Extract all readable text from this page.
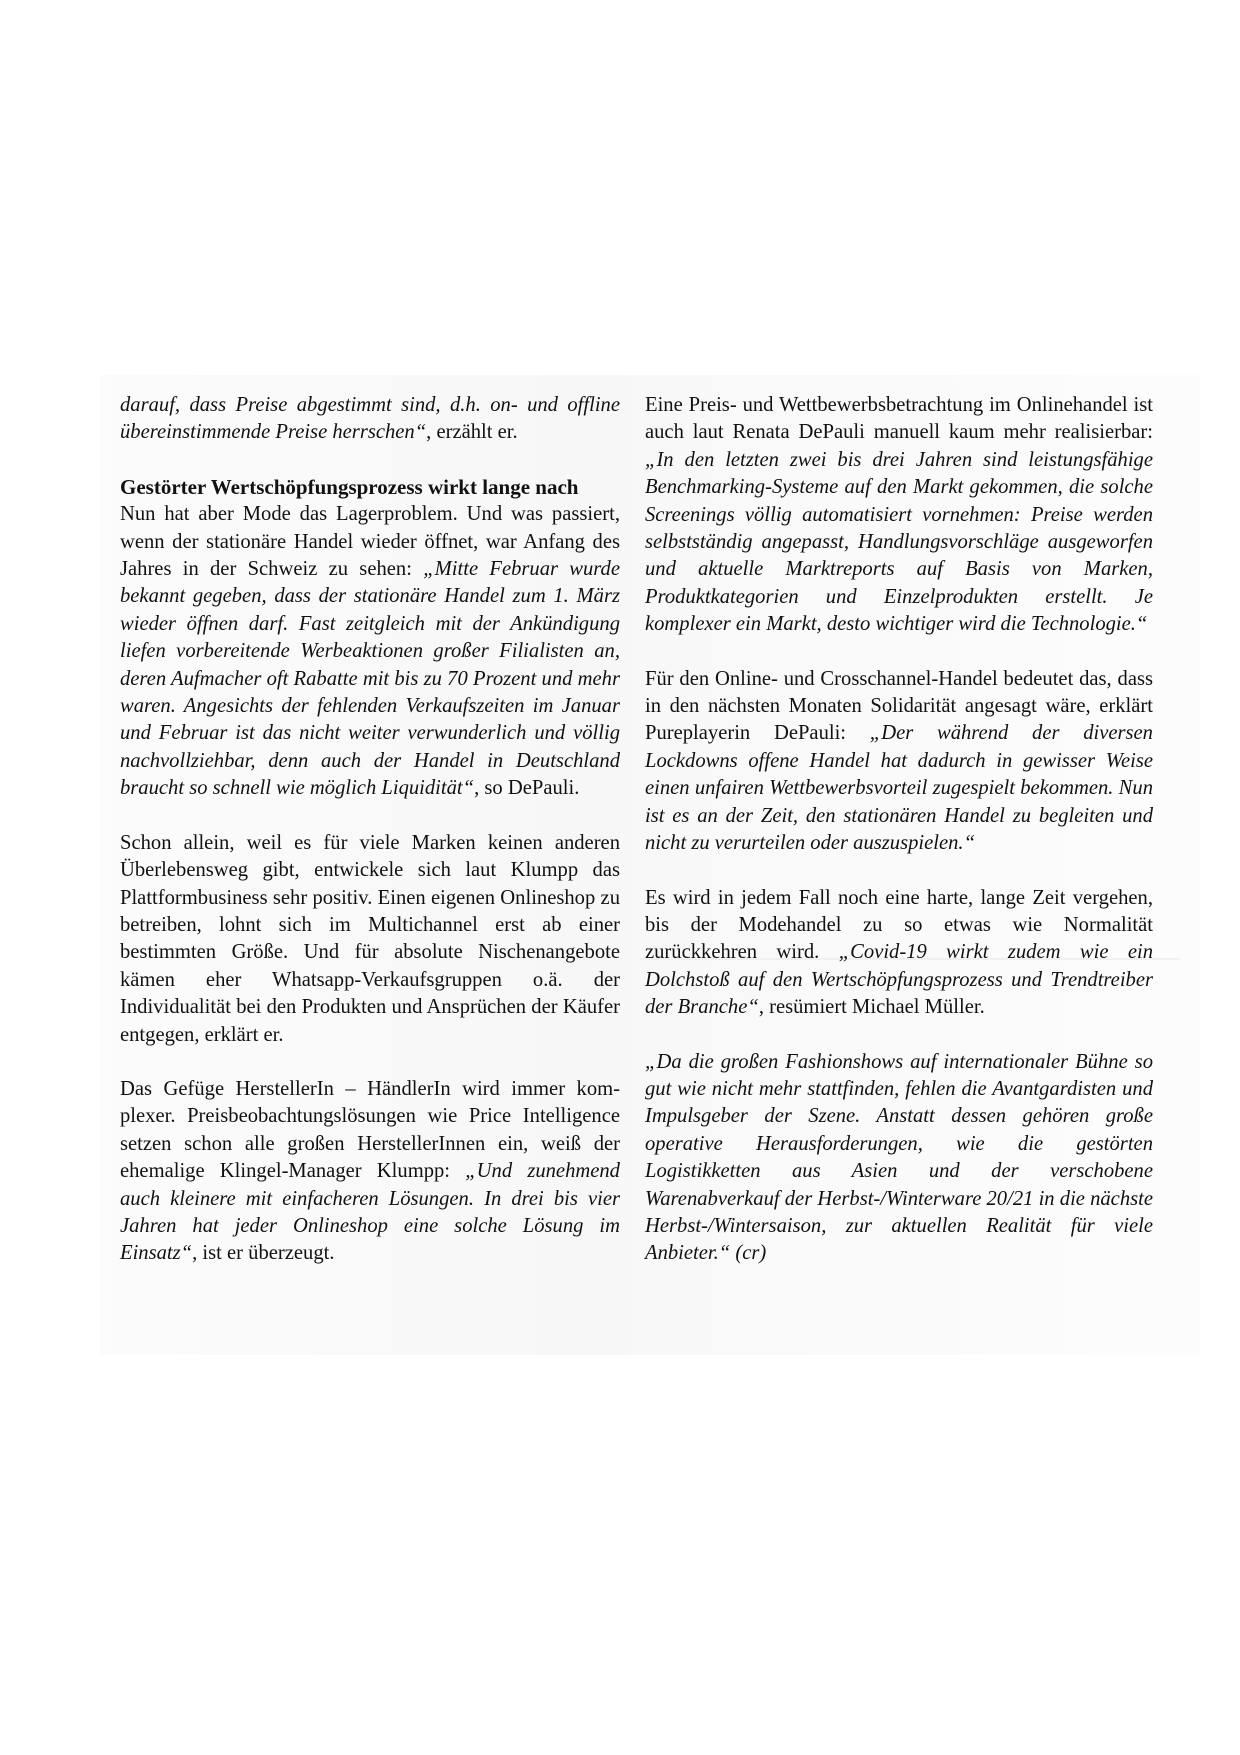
darauf, dass Preise abgestimmt sind, d.h. on- und offline übereinstimmende Preise herrschen“, erzählt er.

Gestörter Wertschöpfungsprozess wirkt lange nach

Nun hat aber Mode das Lagerproblem. Und was passiert, wenn der stationäre Handel wieder öffnet, war Anfang des Jahres in der Schweiz zu sehen: „Mitte Februar wurde bekannt gegeben, dass der stationäre Handel zum 1. März wieder öffnen darf. Fast zeitgleich mit der Ankündigung liefen vorbereitende Werbeaktionen großer Filialisten an, deren Aufmacher oft Rabatte mit bis zu 70 Prozent und mehr waren. Angesichts der fehlenden Verkaufszeiten im Januar und Februar ist das nicht weiter verwunderlich und völlig nachvollziehbar, denn auch der Handel in Deutschland braucht so schnell wie möglich Liquidität“, so DePauli.

Schon allein, weil es für viele Marken keinen anderen Überlebensweg gibt, entwickele sich laut Klumpp das Plattformbusiness sehr positiv. Einen eigenen Onlineshop zu betreiben, lohnt sich im Multichannel erst ab einer bestimmten Größe. Und für absolute Nischenangebote kämen eher Whatsapp-Verkaufsgruppen o.ä. der Individualität bei den Produkten und Ansprüchen der Käufer entgegen, erklärt er.

Das Gefüge HerstellerIn – HändlerIn wird immer komplexer. Preisbeobachtungslösungen wie Price Intelligence setzen schon alle großen HerstellerInnen ein, weiß der ehemalige Klingel-Manager Klumpp: „Und zunehmend auch kleinere mit einfacheren Lösungen. In drei bis vier Jahren hat jeder Onlineshop eine solche Lösung im Einsatz“, ist er überzeugt.

Eine Preis- und Wettbewerbsbetrachtung im Onlinehandel ist auch laut Renata DePauli manuell kaum mehr realisierbar: „In den letzten zwei bis drei Jahren sind leistungsfähige Benchmarking-Systeme auf den Markt gekommen, die solche Screenings völlig automatisiert vornehmen: Preise werden selbstständig angepasst, Handlungsvorschläge ausgeworfen und aktuelle Marktreports auf Basis von Marken, Produktkategorien und Einzelprodukten erstellt. Je komplexer ein Markt, desto wichtiger wird die Technologie.“

Für den Online- und Crosschannel-Handel bedeutet das, dass in den nächsten Monaten Solidarität angesagt wäre, erklärt Pureplayerin DePauli: „Der während der diversen Lockdowns offene Handel hat dadurch in gewisser Weise einen unfairen Wettbewerbsvorteil zugespielt bekommen. Nun ist es an der Zeit, den stationären Handel zu begleiten und nicht zu verurteilen oder auszuspielen.“

Es wird in jedem Fall noch eine harte, lange Zeit vergehen, bis der Modehandel zu so etwas wie Normalität zurückkehren wird. „Covid-19 wirkt zudem wie ein Dolchstoß auf den Wertschöpfungsprozess und Trendtreiber der Branche“, resümiert Michael Müller.

„Da die großen Fashionshows auf internationaler Bühne so gut wie nicht mehr stattfinden, fehlen die Avantgardisten und Impulsgeber der Szene. Anstatt dessen gehören große operative Herausforderungen, wie die gestörten Logistikketten aus Asien und der verschobene Warenabverkauf der Herbst-/Winterware 20/21 in die nächste Herbst-/Wintersaison, zur aktuellen Realität für viele Anbieter.“ (cr)
